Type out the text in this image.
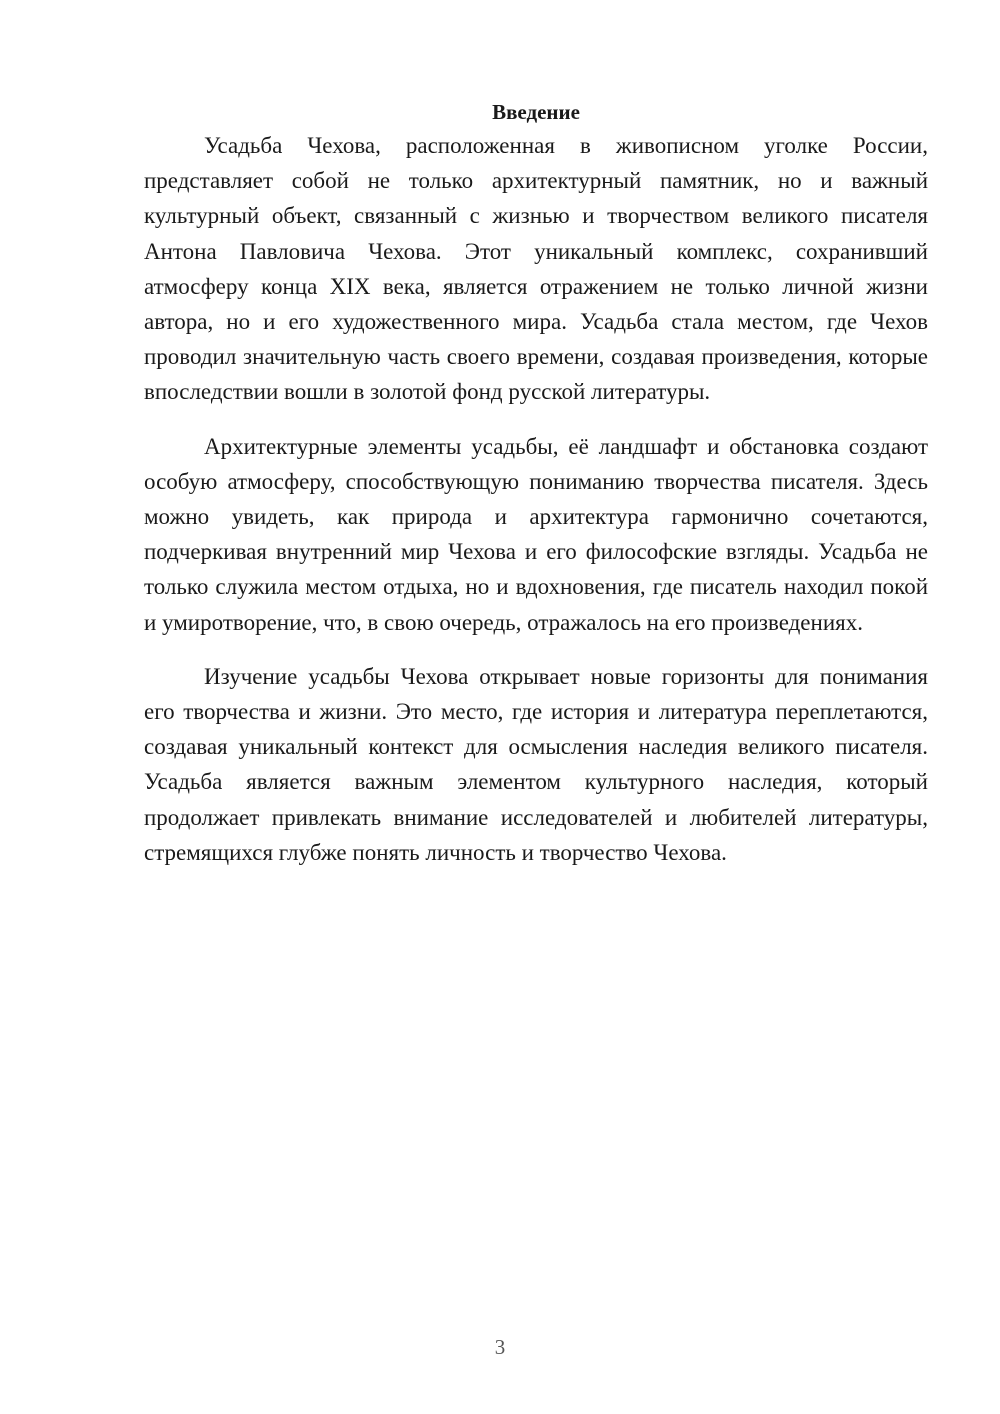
Введение

Усадьба Чехова, расположенная в живописном уголке России, представляет собой не только архитектурный памятник, но и важный культурный объект, связанный с жизнью и творчеством великого писателя Антона Павловича Чехова. Этот уникальный комплекс, сохранивший атмосферу конца XIX века, является отражением не только личной жизни автора, но и его художественного мира. Усадьба стала местом, где Чехов проводил значительную часть своего времени, создавая произведения, которые впоследствии вошли в золотой фонд русской литературы.

Архитектурные элементы усадьбы, её ландшафт и обстановка создают особую атмосферу, способствующую пониманию творчества писателя. Здесь можно увидеть, как природа и архитектура гармонично сочетаются, подчеркивая внутренний мир Чехова и его философские взгляды. Усадьба не только служила местом отдыха, но и вдохновения, где писатель находил покой и умиротворение, что, в свою очередь, отражалось на его произведениях.

Изучение усадьбы Чехова открывает новые горизонты для понимания его творчества и жизни. Это место, где история и литература переплетаются, создавая уникальный контекст для осмысления наследия великого писателя. Усадьба является важным элементом культурного наследия, который продолжает привлекать внимание исследователей и любителей литературы, стремящихся глубже понять личность и творчество Чехова.

3
